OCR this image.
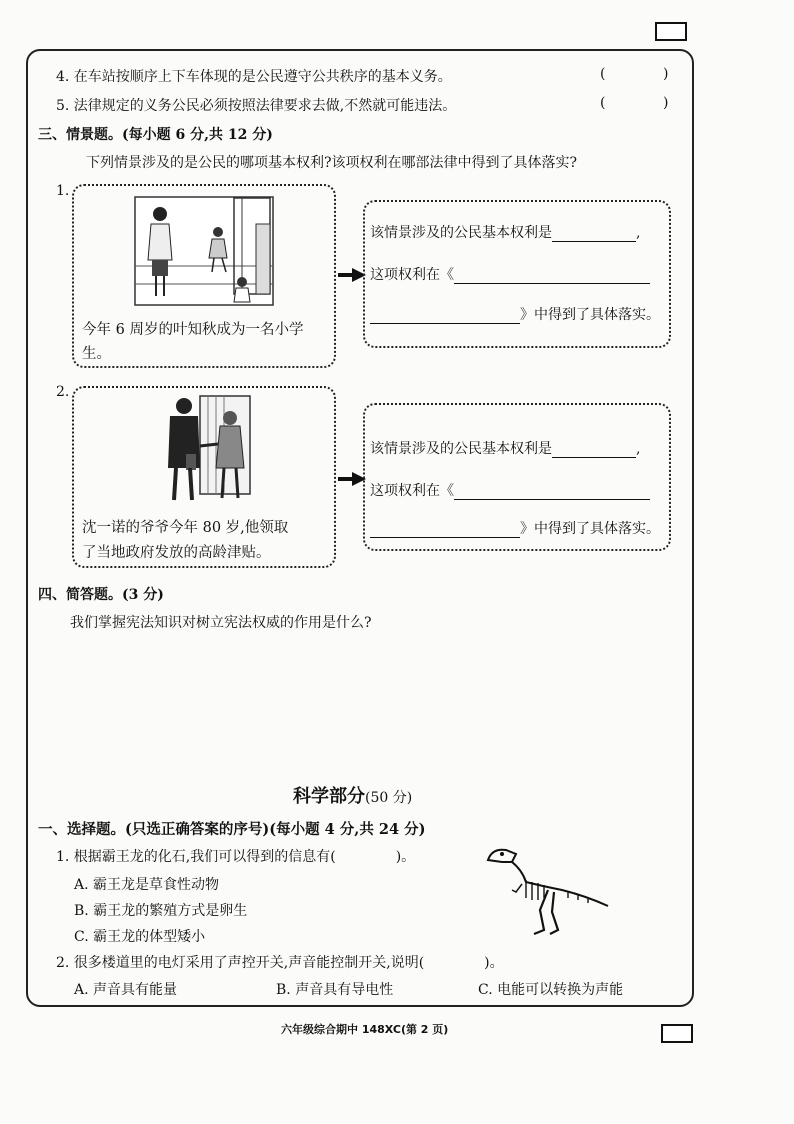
4. 在车站按顺序上下车体现的是公民遵守公共秩序的基本义务。	(	)
5. 法律规定的义务公民必须按照法律要求去做,不然就可能违法。	(	)
三、情景题。(每小题 6 分,共 12 分)
下列情景涉及的是公民的哪项基本权利?该项权利在哪部法律中得到了具体落实?
1.
今年 6 周岁的叶知秋成为一名小学
生。
该情景涉及的公民基本权利是	,
这项权利在《
》中得到了具体落实。
2.
沈一诺的爷爷今年 80 岁,他领取
了当地政府发放的高龄津贴。
该情景涉及的公民基本权利是	,
这项权利在《
》中得到了具体落实。
四、简答题。(3 分)
我们掌握宪法知识对树立宪法权威的作用是什么?
科学部分(50 分)
一、选择题。(只选正确答案的序号)(每小题 4 分,共 24 分)
1. 根据霸王龙的化石,我们可以得到的信息有(	)。
A. 霸王龙是草食性动物
B. 霸王龙的繁殖方式是卵生
C. 霸王龙的体型矮小
2. 很多楼道里的电灯采用了声控开关,声音能控制开关,说明(	)。
A. 声音具有能量	B. 声音具有导电性	C. 电能可以转换为声能
六年级综合期中 148XC(第 2 页)
